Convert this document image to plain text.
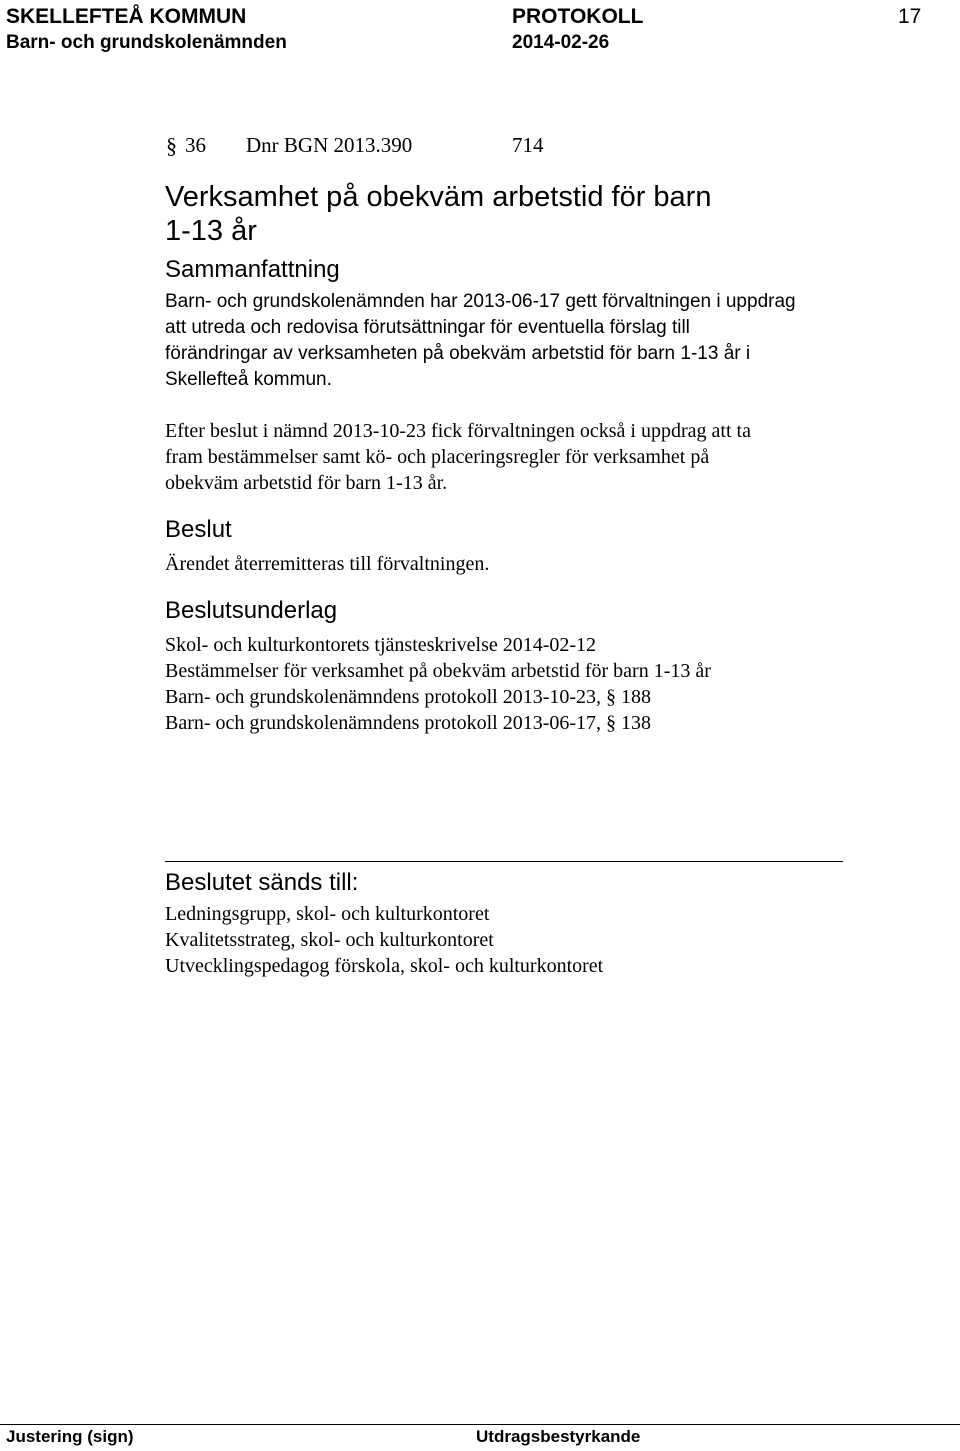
SKELLEFTEÅ KOMMUN	PROTOKOLL	17
Barn- och grundskolenämnden	2014-02-26
§ 36 Dnr BGN 2013.390	714
Verksamhet på obekväm arbetstid för barn
1-13 år
Sammanfattning
Barn- och grundskolenämnden har 2013-06-17 gett förvaltningen i uppdrag
att utreda och redovisa förutsättningar för eventuella förslag till
förändringar av verksamheten på obekväm arbetstid för barn 1-13 år i
Skellefteå kommun.
Efter beslut i nämnd 2013-10-23 fick förvaltningen också i uppdrag att ta
fram bestämmelser samt kö- och placeringsregler för verksamhet på
obekväm arbetstid för barn 1-13 år.
Beslut
Ärendet återremitteras till förvaltningen.
Beslutsunderlag
Skol- och kulturkontorets tjänsteskrivelse 2014-02-12
Bestämmelser för verksamhet på obekväm arbetstid för barn 1-13 år
Barn- och grundskolenämndens protokoll 2013-10-23, § 188
Barn- och grundskolenämndens protokoll 2013-06-17, § 138
Beslutet sänds till:
Ledningsgrupp, skol- och kulturkontoret
Kvalitetsstrateg, skol- och kulturkontoret
Utvecklingspedagog förskola, skol- och kulturkontoret
Justering (sign)	Utdragsbestyrkande
